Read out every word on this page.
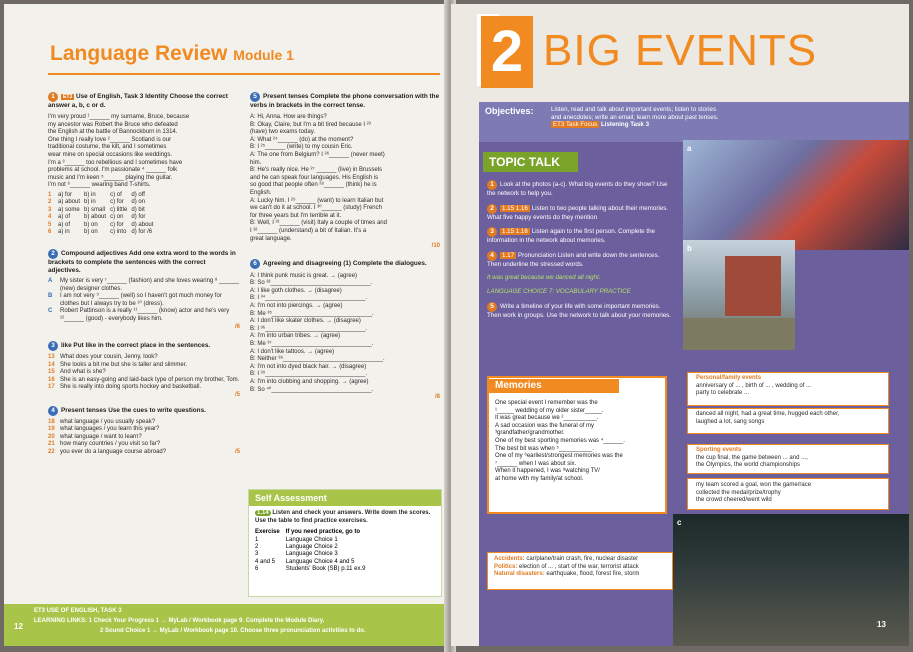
Language Review Module 1
1 ET3 Use of English, Task 3 Identity Choose the correct answer a, b, c or d.
I'm very proud ¹______ my surname, Bruce, because
my ancestor was Robert the Bruce who defeated
the English at the battle of Bannockburn in 1314.
One thing I really love ²______ Scotland is our
traditional costume, the kilt, and I sometimes
wear mine on special occasions like weddings.
I'm a ³______ too rebellious and I sometimes have
problems at school. I'm passionate ⁴ ______ folk
music and I'm keen ⁵______ playing the guitar.
I'm not ⁶______ wearing band T-shirts.
1	a) for	b) in	c) of	d) off
2	a) about	b) in	c) for	d) on
3	a) some	b) small	c) little	d) bit
4	a) of	b) about	c) on	d) for
5	a) of	b) on	c) for	d) about
6	a) in	b) on	c) into	d) for /6
2 Compound adjectives Add one extra word to the words in brackets to complete the sentences with the correct adjectives.
A	My sister is very ⁷______ (fashion) and she loves wearing ⁸ ______ (new) designer clothes.
B	I am not very ⁹______ (well) so I haven't got much money for clothes but I always try to be ¹⁰ (dress).
C	Robert Pattinson is a really ¹¹______ (know) actor and he's very ¹²______ (good) - everybody likes him.
/6
3 like Put like in the correct place in the sentences.
13 What does your cousin, Jenny, look?
14 She looks a bit me but she is taller and slimmer.
15 And what is she?
16 She is an easy-going and laid-back type of person my brother, Tom.
17 She is really into doing sports hockey and basketball.
/5
4 Present tenses Use the cues to write questions.
18 what language / you usually speak?
19 what languages / you learn this year?
20 what language / want to learn?
21 how many countries / you visit so far?
22 you ever do a language course abroad?	/5
5 Present tenses Complete the phone conversation with the verbs in brackets in the correct tense.
A: Hi, Anna. How are things?
B: Okay, Claire, but I'm a bit tired because I ²³
(have) two exams today.
A: What ²⁴______ (do) at the moment?
B: I ²⁵______ (write) to my cousin Eric.
A: The one from Belgium? I ²⁶______ (never meet)
him.
B: He's really nice. He ²⁷ ______ (live) in Brussels
and he can speak four languages. His English is
so good that people often ²⁸______ (think) he is
English.
A: Lucky him. I ²⁹______ (want) to learn Italian but
we can't do it at school. I ³⁰______ (study) French
for three years but I'm terrible at it.
B: Well, I ³¹______ (visit) Italy a couple of times and
I ³²______ (understand) a bit of Italian. It's a
great language.
/10
6 Agreeing and disagreeing (1) Complete the dialogues.
A: I think punk music is great. → (agree)
B: So ³³______________________________.
A: I like goth clothes. → (disagree)
B: I ³⁴______________________________.
A: I'm not into piercings. → (agree)
B: Me ³⁵______________________________.
A: I don't like skater clothes. → (disagree)
B: I ³⁶______________________________.
A: I'm into urban tribes. → (agree)
B: Me ³⁷______________________________.
A: I don't like tattoos. → (agree)
B: Neither ³⁸______________________________.
A: I'm not into dyed black hair. → (disagree)
B: I ³⁹______________________________.
A: I'm into clubbing and shopping. → (agree)
B: So ⁴⁰______________________________.
/8
Self Assessment
1.14 Listen and check your answers. Write down the scores. Use the table to find practice exercises.
Exercise	If you need practice, go to
1	Language Choice 1
2	Language Choice 2
3	Language Choice 3
4 and 5	Language Choice 4 and 5
6	Students' Book (SB) p.11 ex.9
ET3 USE OF ENGLISH, TASK 3
LEARNING LINKS: 1 Check Your Progress 1 → MyLab / Workbook page 9. Complete the Module Diary.
2 Sound Choice 1 → MyLab / Workbook page 10. Choose three pronunciation activities to do.
12
2 BIG EVENTS
Objectives:	Listen, read and talk about important events; listen to stories
and anecdotes; write an email; learn more about past tenses.
ET3 Task Focus Listening Task 3
a
b
TOPIC TALK
1 Look at the photos (a-c). What big events do they show? Use the network to help you.
2 1.15 1.16 Listen to two people talking about their memories. What five happy events do they mention
3 1.15 1.16 Listen again to the first person. Complete the information in the network about memories.
4 1.17 Pronunciation Listen and write down the sentences. Then underline the stressed words.
It was great because we danced all night.
LANGUAGE CHOICE 7: VOCABULARY PRACTICE
5 Write a timeline of your life with some important memories. Then work in groups. Use the network to talk about your memories.
One special event I remember was the
¹_____ wedding of my older sister_____.
It was great because we ²__________.
A sad occasion was the funeral of my
³grandfather/grandmother.
One of my best sporting memories was ⁴______.
The best bit was when ⁵__________.
One of my ⁶earliest/strongest memories was the
⁷______ when I was about six.
When it happened, I was ⁸watching TV/
at home with my family/at school.
Memories
Personal/family events
anniversary of ... , birth of ... , wedding of ...
party to celebrate ...
danced all night, had a great time, hugged each other,
laughed a lot, sang songs
Sporting events
the cup final, the game between ... and ...,
the Olympics, the world championships
my team scored a goal, won the game/race
collected the medal/prize/trophy
the crowd cheered/went wild
c
Accidents: car/plane/train crash, fire, nuclear disaster
Politics: election of ... , start of the war, terrorist attack
Natural disasters: earthquake, flood, forest fire, storm
13
